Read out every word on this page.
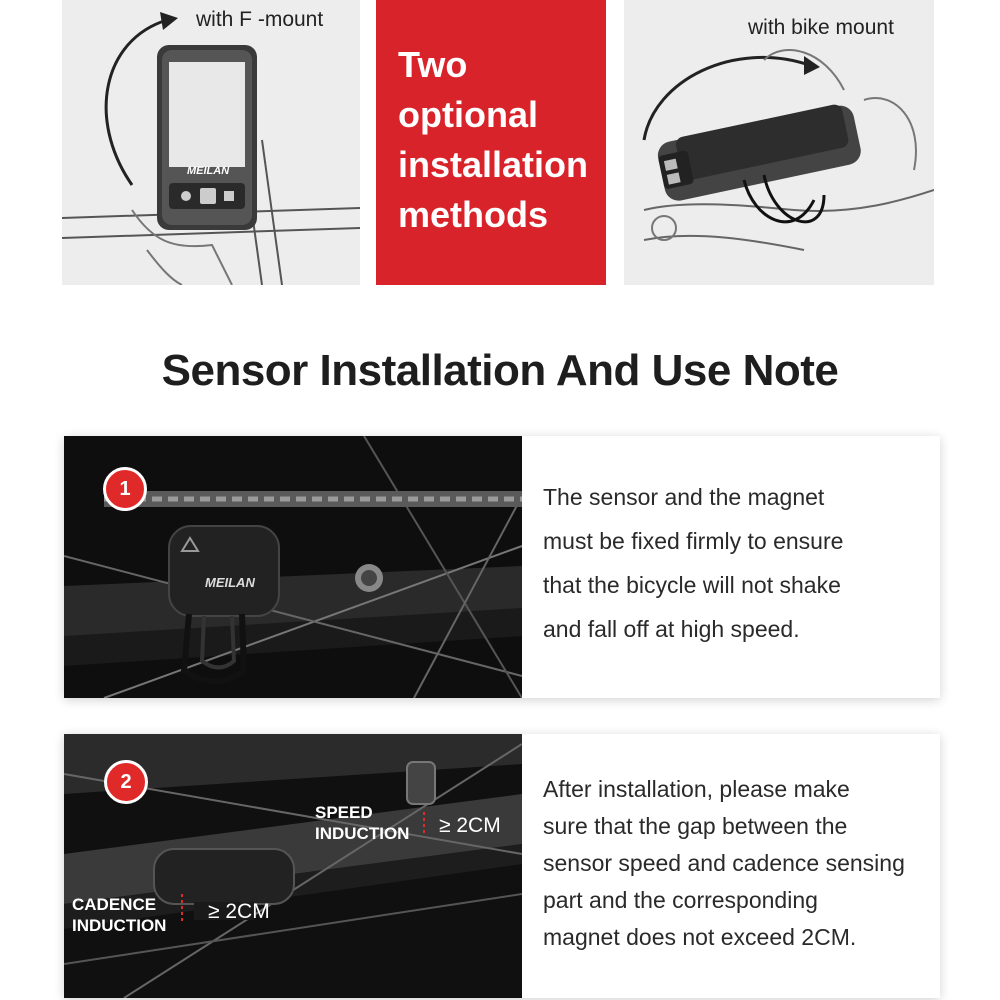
MEILAN
with F -mount
Two
optional
installation
methods
with bike mount
Sensor Installation And Use Note
MEILAN
1	The sensor and the magnet
must be fixed firmly to ensure
that the bicycle will not shake
and fall off at high speed.
2
SPEED
INDUCTION ≥ 2CM
CADENCE
INDUCTION
≥ 2CM
After installation, please make
sure that the gap between the
sensor speed and cadence sensing
part and the corresponding
magnet does not exceed 2CM.
